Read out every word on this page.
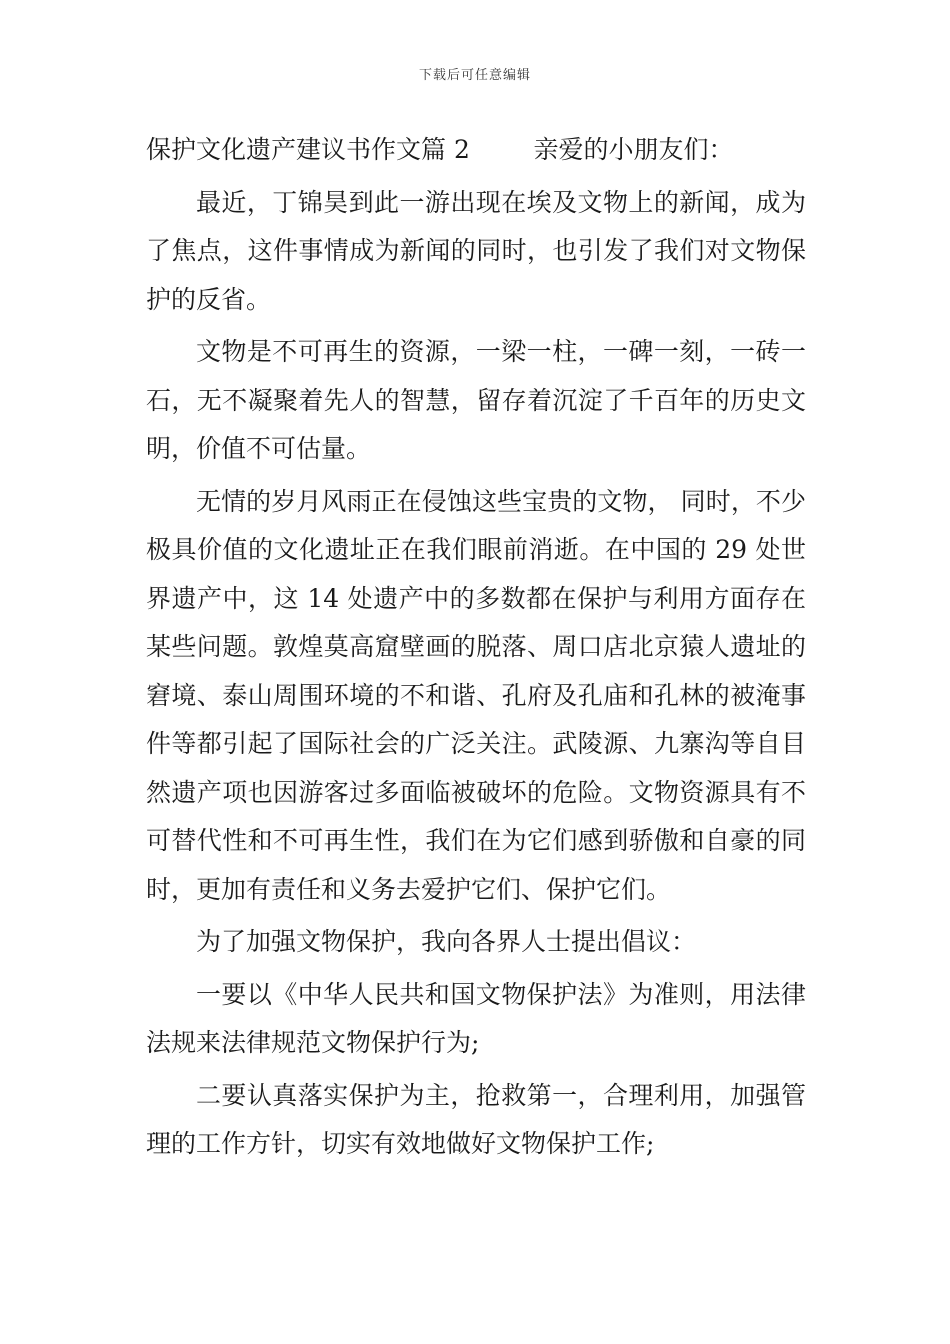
下载后可任意编辑

保护文化遗产建议书作文篇 2	亲爱的小朋友们：

最近，丁锦昊到此一游出现在埃及文物上的新闻，成为了焦点，这件事情成为新闻的同时，也引发了我们对文物保护的反省。

文物是不可再生的资源，一梁一柱，一碑一刻，一砖一石，无不凝聚着先人的智慧，留存着沉淀了千百年的历史文明，价值不可估量。

无情的岁月风雨正在侵蚀这些宝贵的文物， 同时，不少极具价值的文化遗址正在我们眼前消逝。在中国的 29 处世界遗产中，这 14 处遗产中的多数都在保护与利用方面存在某些问题。敦煌莫高窟壁画的脱落、周口店北京猿人遗址的窘境、泰山周围环境的不和谐、孔府及孔庙和孔林的被淹事件等都引起了国际社会的广泛关注。武陵源、九寨沟等自目然遗产项也因游客过多面临被破坏的危险。文物资源具有不可替代性和不可再生性，我们在为它们感到骄傲和自豪的同时，更加有责任和义务去爱护它们、保护它们。

为了加强文物保护，我向各界人士提出倡议：

一要以《中华人民共和国文物保护法》为准则，用法律法规来法律规范文物保护行为;

二要认真落实保护为主，抢救第一，合理利用，加强管理的工作方针，切实有效地做好文物保护工作;
